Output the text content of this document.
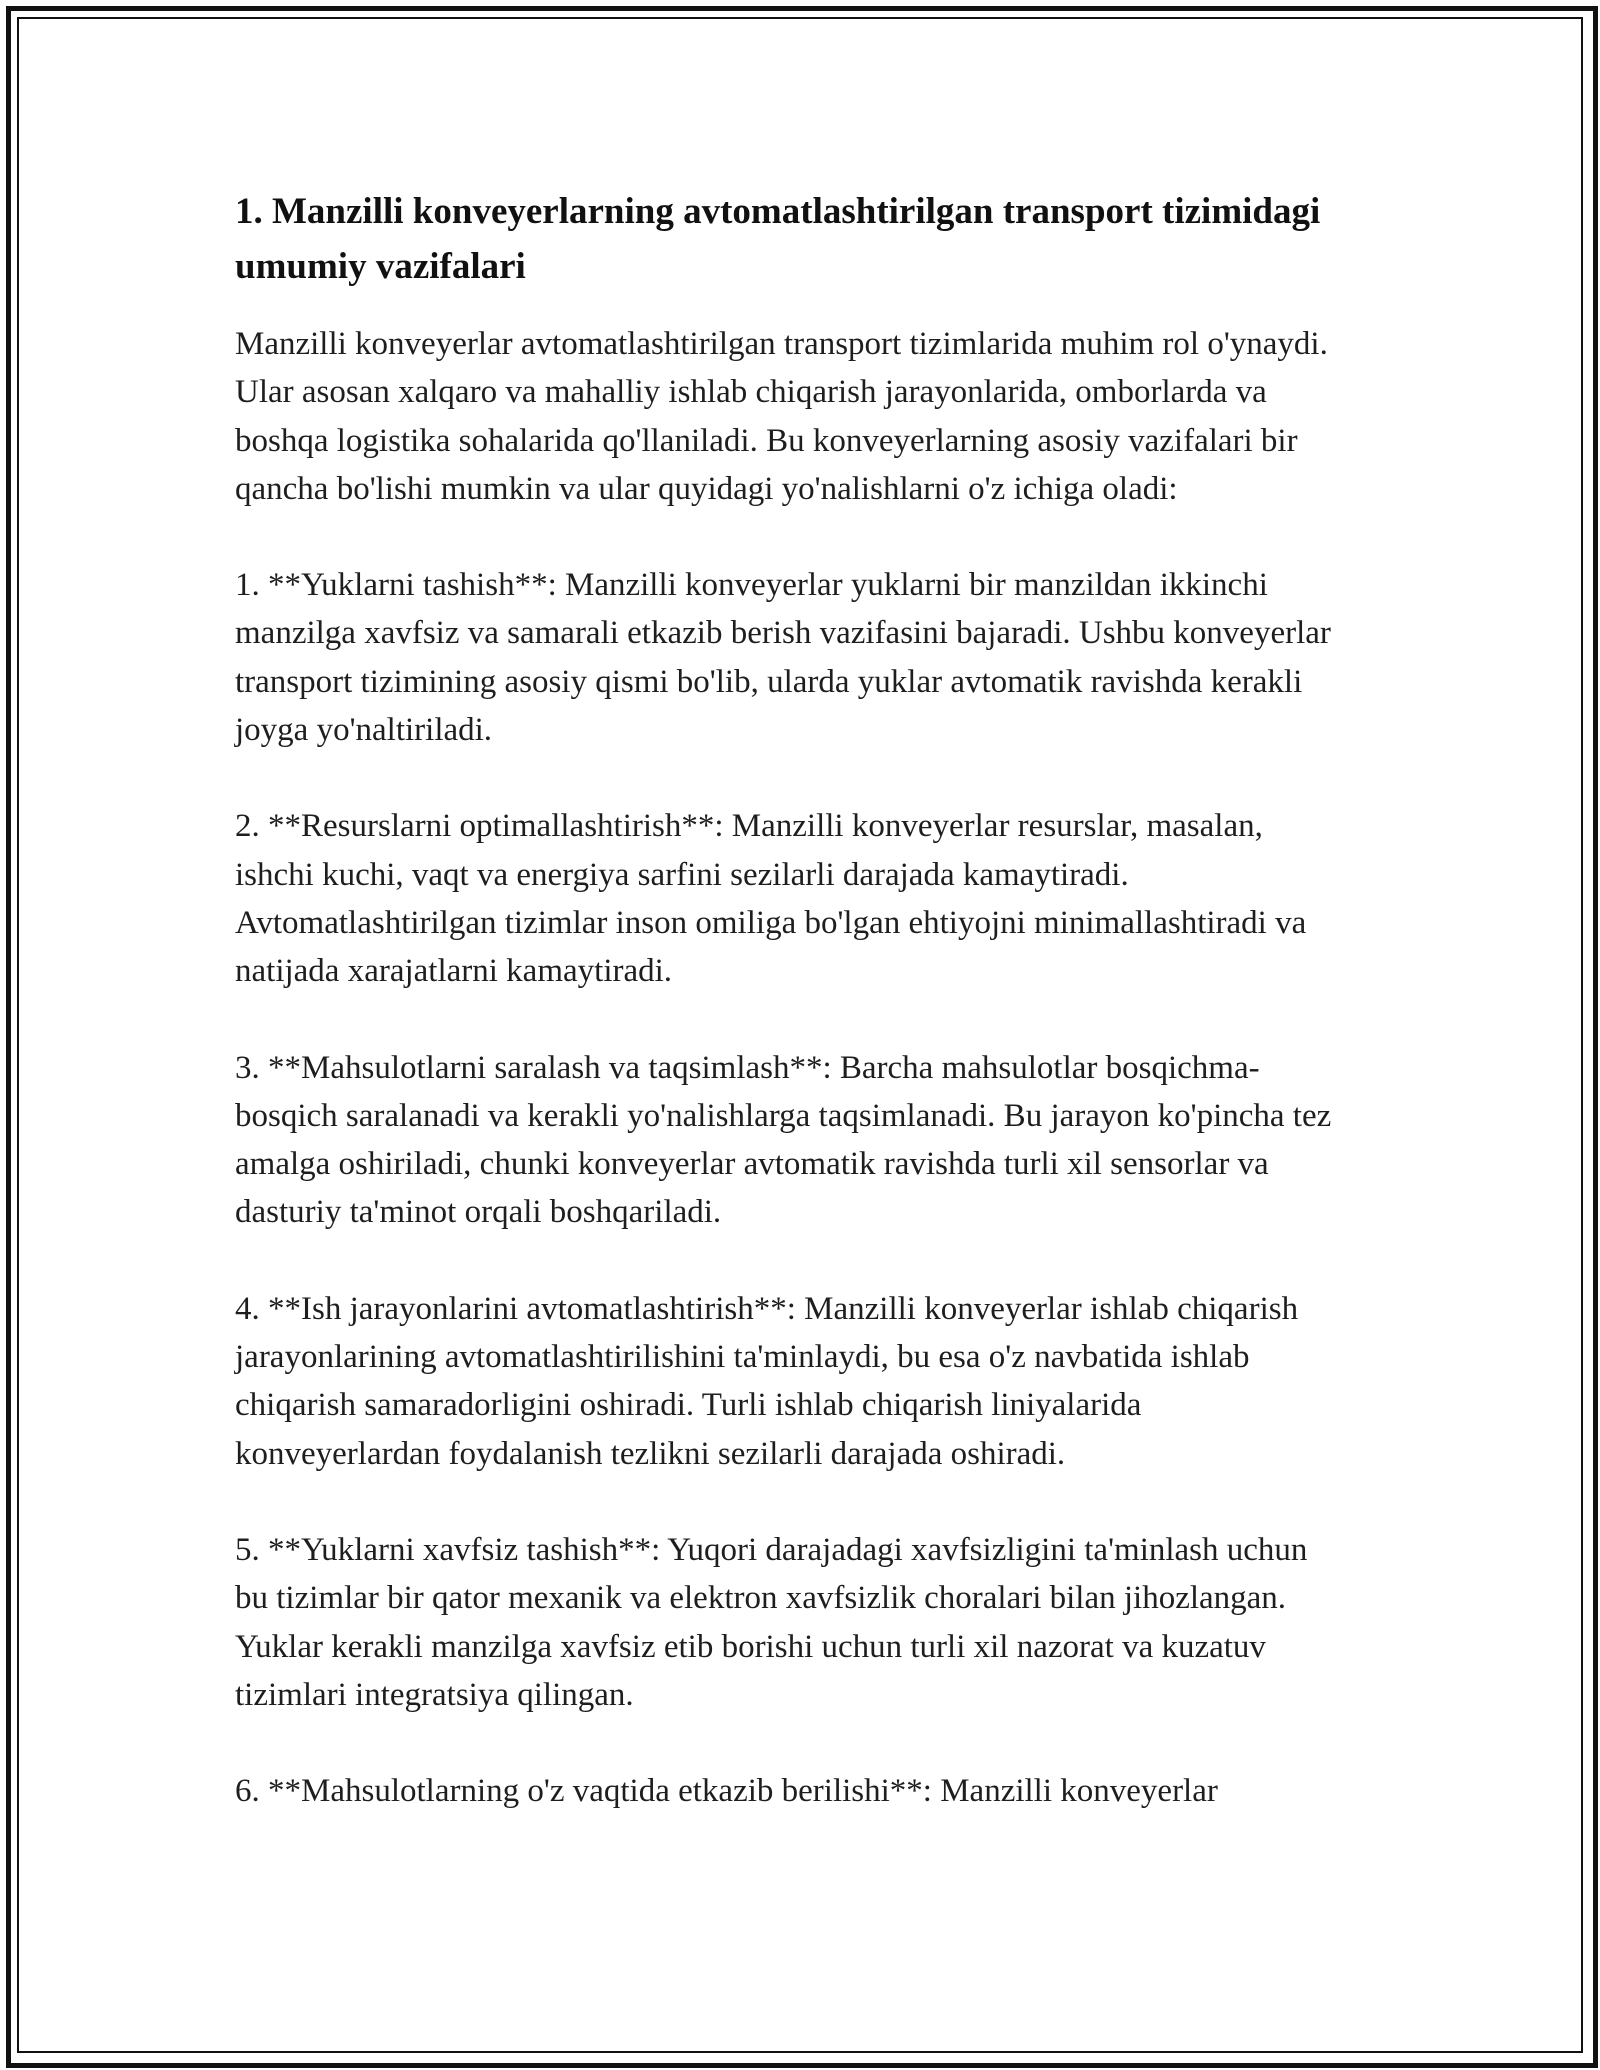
1. Manzilli konveyerlarning avtomatlashtirilgan transport tizimidagi umumiy vazifalari

Manzilli konveyerlar avtomatlashtirilgan transport tizimlarida muhim rol o'ynaydi. Ular asosan xalqaro va mahalliy ishlab chiqarish jarayonlarida, omborlarda va boshqa logistika sohalarida qo'llaniladi. Bu konveyerlarning asosiy vazifalari bir qancha bo'lishi mumkin va ular quyidagi yo'nalishlarni o'z ichiga oladi:

1. **Yuklarni tashish**: Manzilli konveyerlar yuklarni bir manzildan ikkinchi manzilga xavfsiz va samarali etkazib berish vazifasini bajaradi. Ushbu konveyerlar transport tizimining asosiy qismi bo'lib, ularda yuklar avtomatik ravishda kerakli joyga yo'naltiriladi.

2. **Resurslarni optimallashtirish**: Manzilli konveyerlar resurslar, masalan, ishchi kuchi, vaqt va energiya sarfini sezilarli darajada kamaytiradi. Avtomatlashtirilgan tizimlar inson omiliga bo'lgan ehtiyojni minimallashtiradi va natijada xarajatlarni kamaytiradi.

3. **Mahsulotlarni saralash va taqsimlash**: Barcha mahsulotlar bosqichma-bosqich saralanadi va kerakli yo'nalishlarga taqsimlanadi. Bu jarayon ko'pincha tez amalga oshiriladi, chunki konveyerlar avtomatik ravishda turli xil sensorlar va dasturiy ta'minot orqali boshqariladi.

4. **Ish jarayonlarini avtomatlashtirish**: Manzilli konveyerlar ishlab chiqarish jarayonlarining avtomatlashtirilishini ta'minlaydi, bu esa o'z navbatida ishlab chiqarish samaradorligini oshiradi. Turli ishlab chiqarish liniyalarida konveyerlardan foydalanish tezlikni sezilarli darajada oshiradi.

5. **Yuklarni xavfsiz tashish**: Yuqori darajadagi xavfsizligini ta'minlash uchun bu tizimlar bir qator mexanik va elektron xavfsizlik choralari bilan jihozlangan. Yuklar kerakli manzilga xavfsiz etib borishi uchun turli xil nazorat va kuzatuv tizimlari integratsiya qilingan.

6. **Mahsulotlarning o'z vaqtida etkazib berilishi**: Manzilli konveyerlar
